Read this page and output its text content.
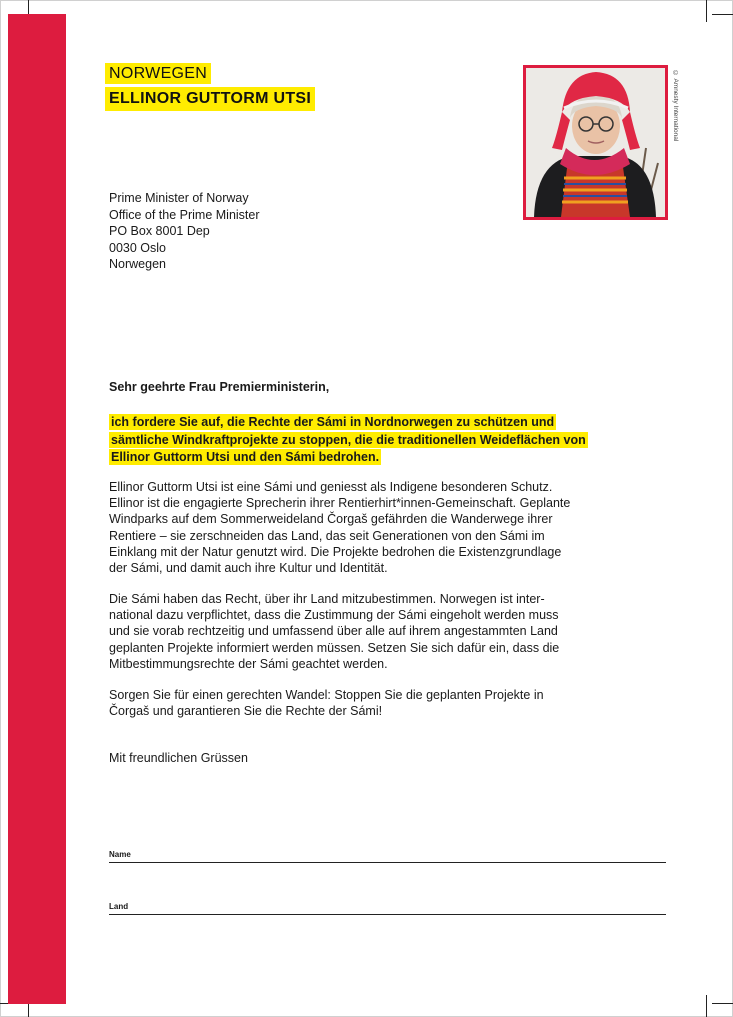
NORWEGEN
ELLINOR GUTTORM UTSI	© Amnesty International
Prime Minister of Norway
Office of the Prime Minister
PO Box 8001 Dep
0030 Oslo
Norwegen
Sehr geehrte Frau Premierministerin,
ich fordere Sie auf, die Rechte der Sámi in Nordnorwegen zu schützen und
sämtliche Windkraftprojekte zu stoppen, die die traditionellen Weideflächen von
Ellinor Guttorm Utsi und den Sámi bedrohen.
Ellinor Guttorm Utsi ist eine Sámi und geniesst als Indigene besonderen Schutz.
Ellinor ist die engagierte Sprecherin ihrer Rentierhirt*innen-Gemeinschaft. Geplante
Windparks auf dem Sommerweideland Čorgaš gefährden die Wanderwege ihrer
Rentiere – sie zerschneiden das Land, das seit Generationen von den Sámi im
Einklang mit der Natur genutzt wird. Die Projekte bedrohen die Existenzgrundlage
der Sámi, und damit auch ihre Kultur und Identität.
Die Sámi haben das Recht, über ihr Land mitzubestimmen. Norwegen ist inter-
national dazu verpflichtet, dass die Zustimmung der Sámi eingeholt werden muss
und sie vorab rechtzeitig und umfassend über alle auf ihrem angestammten Land
geplanten Projekte informiert werden müssen. Setzen Sie sich dafür ein, dass die
Mitbestimmungsrechte der Sámi geachtet werden.
Sorgen Sie für einen gerechten Wandel: Stoppen Sie die geplanten Projekte in
Čorgaš und garantieren Sie die Rechte der Sámi!
Mit freundlichen Grüssen
Name
Land
